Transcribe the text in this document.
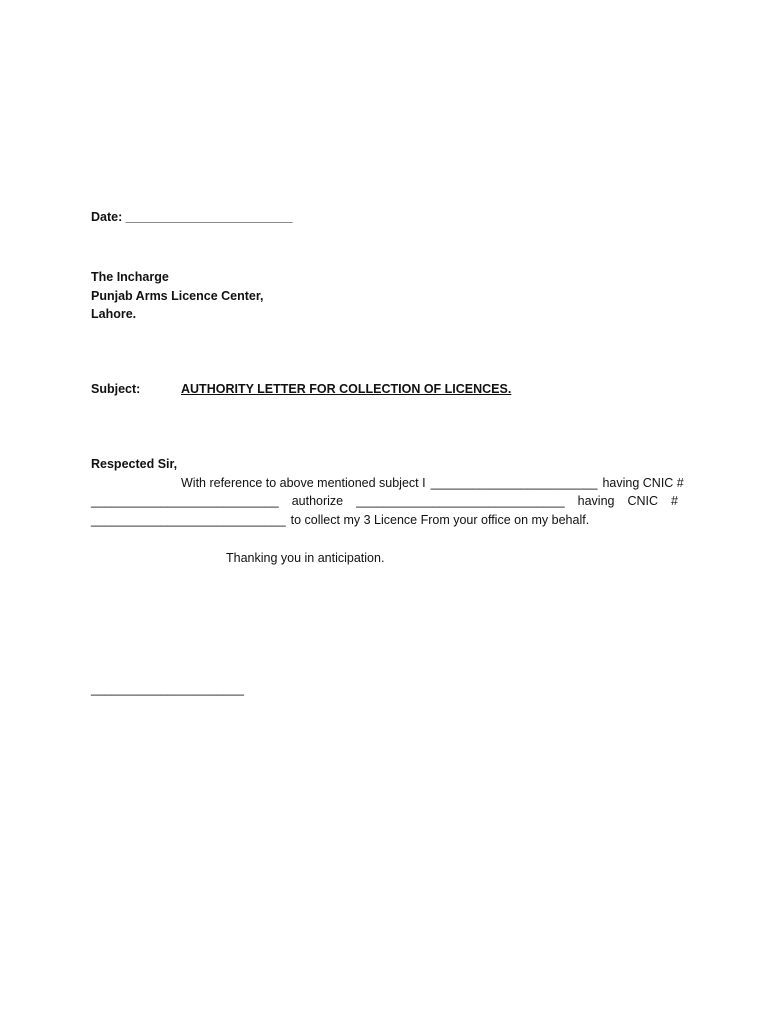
Date: ________________________
The Incharge
Punjab Arms Licence Center,
Lahore.
Subject:	AUTHORITY LETTER FOR COLLECTION OF LICENCES.
Respected Sir,
With reference to above mentioned subject I ________________________ having CNIC #
___________________________ authorize ______________________________ having CNIC #
____________________________ to collect my 3 Licence From your office on my behalf.
Thanking you in anticipation.
______________________
